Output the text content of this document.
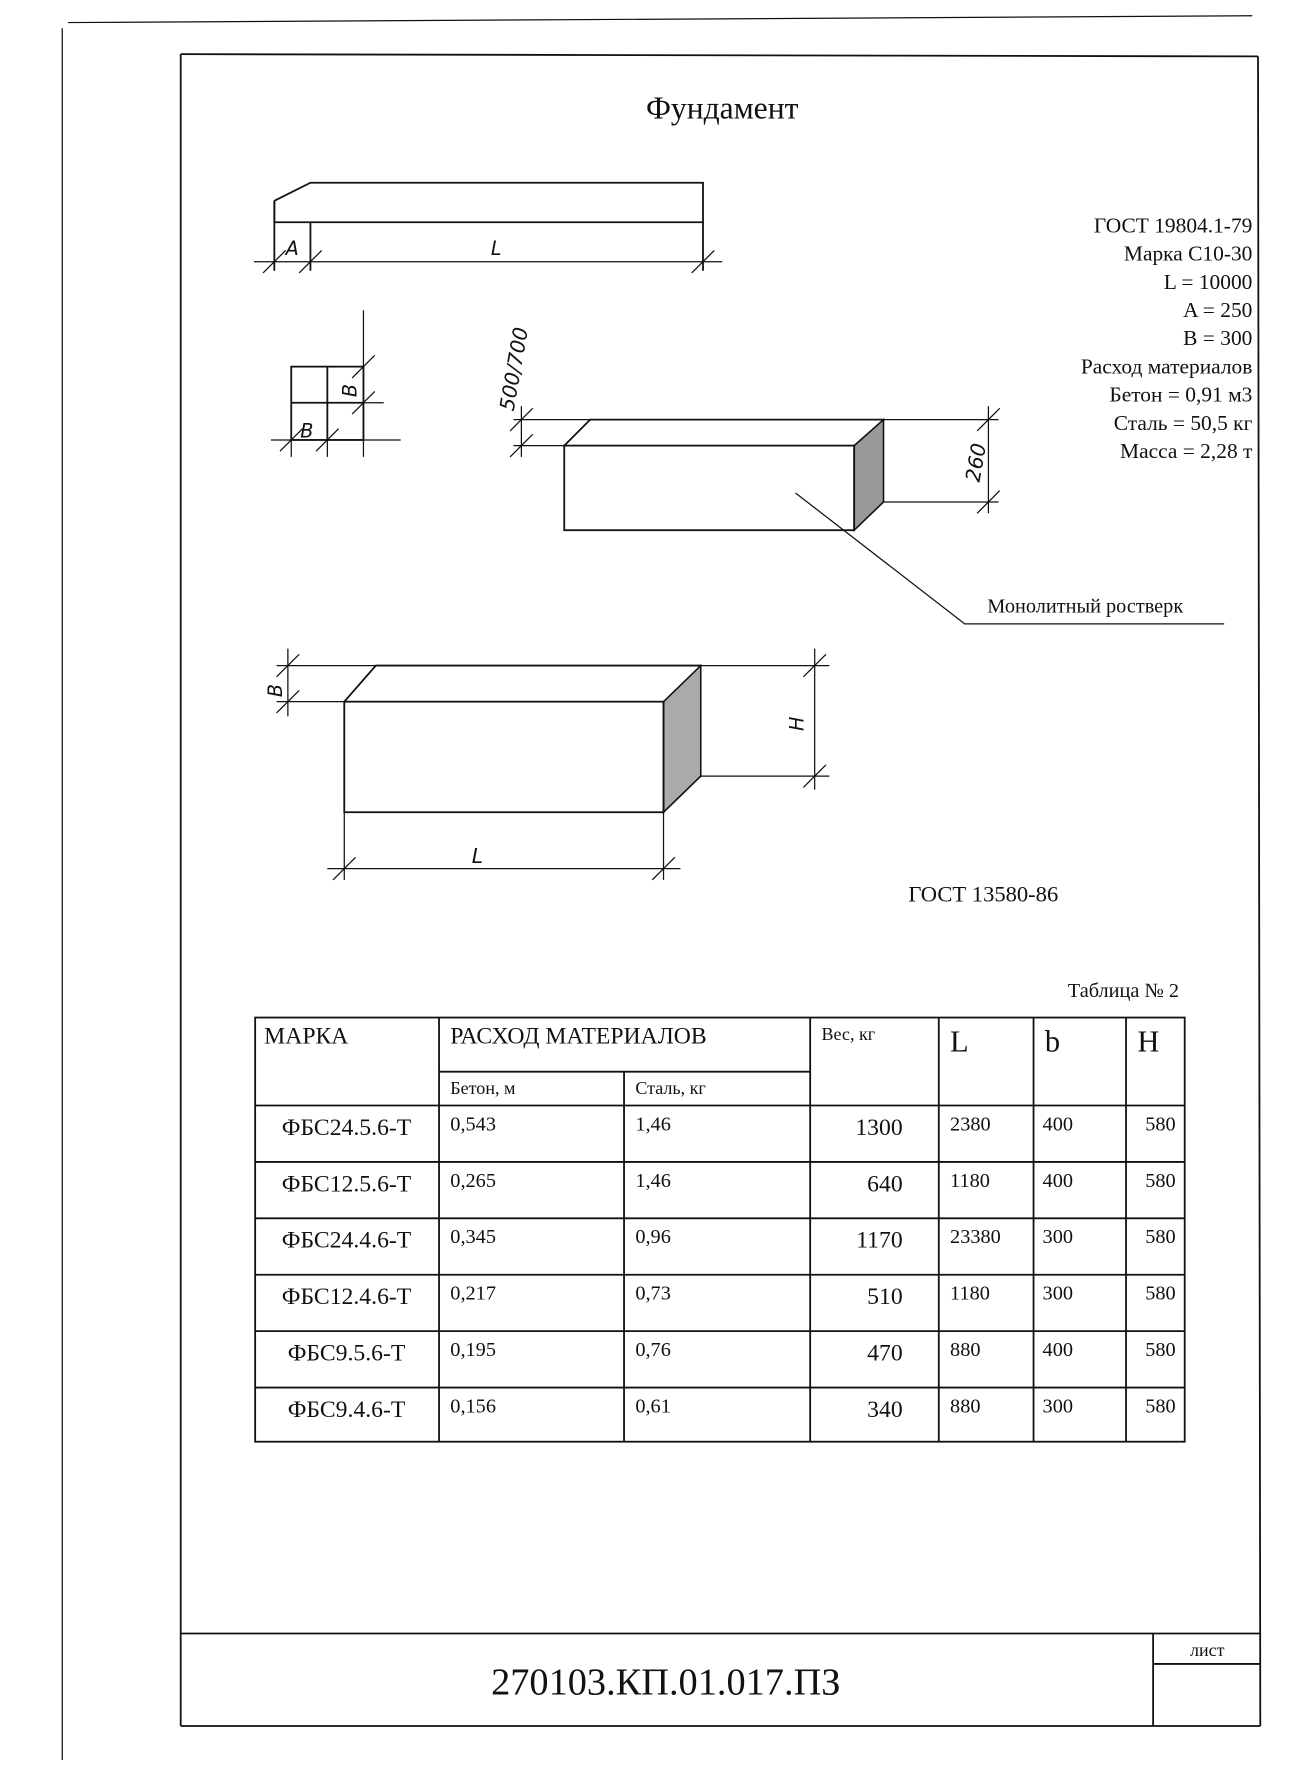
Фундамент
ГОСТ 19804.1-79
Марка С10-30
L = 10000
A = 250
B = 300
Расход материалов
Бетон = 0,91 м3
Сталь = 50,5 кг
Масса = 2,28 т
A	L
B
B	500/700
260
Монолитный ростверк
B
H
L
ГОСТ 13580-86
Таблица № 2
МАРКА	РАСХОД МАТЕРИАЛОВ
Бетон, м	Сталь, кг
Вес, кг	L	b	H
ФБС24.5.6-Т 0,543	1,46	1300	2380	400	580
ФБС12.5.6-Т 0,265	1,46	640	1180	400	580
ФБС24.4.6-Т 0,345	0,96	1170	23380 300	580
ФБС12.4.6-Т 0,217	0,73	510	1180	300	580
ФБС9.5.6-Т 0,195	0,76	470	880	400	580
ФБС9.4.6-Т 0,156	0,61	340	880	300	580
лист
270103.КП.01.017.ПЗ
